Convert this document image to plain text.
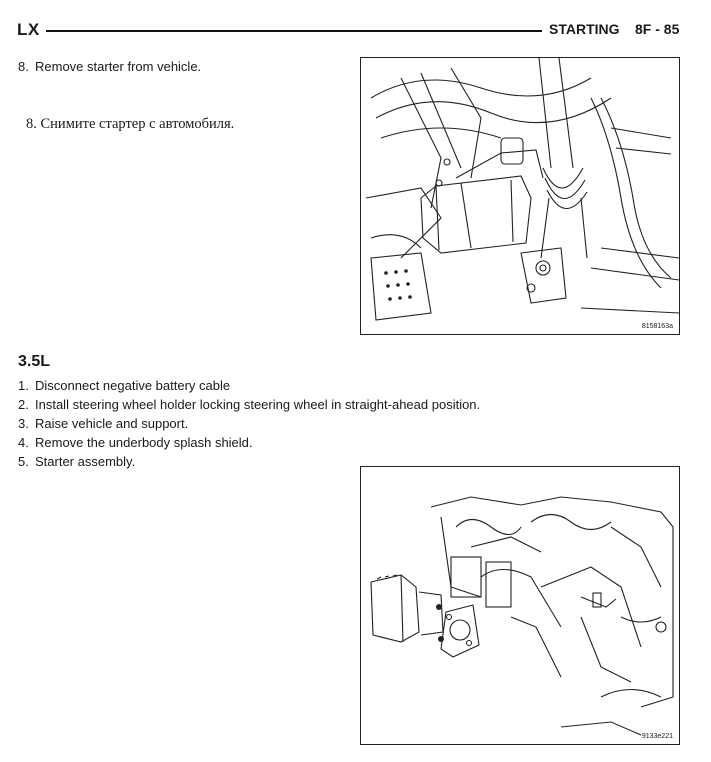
LX	STARTING 8F - 85
8. Remove starter from vehicle.
8. Снимите стартер с автомобиля.
8158163a
3.5L
1. Disconnect negative battery cable
2. Install steering wheel holder locking steering wheel in straight-ahead position.
3. Raise vehicle and support.
4. Remove the underbody splash shield.
5. Starter assembly.
9133e221
